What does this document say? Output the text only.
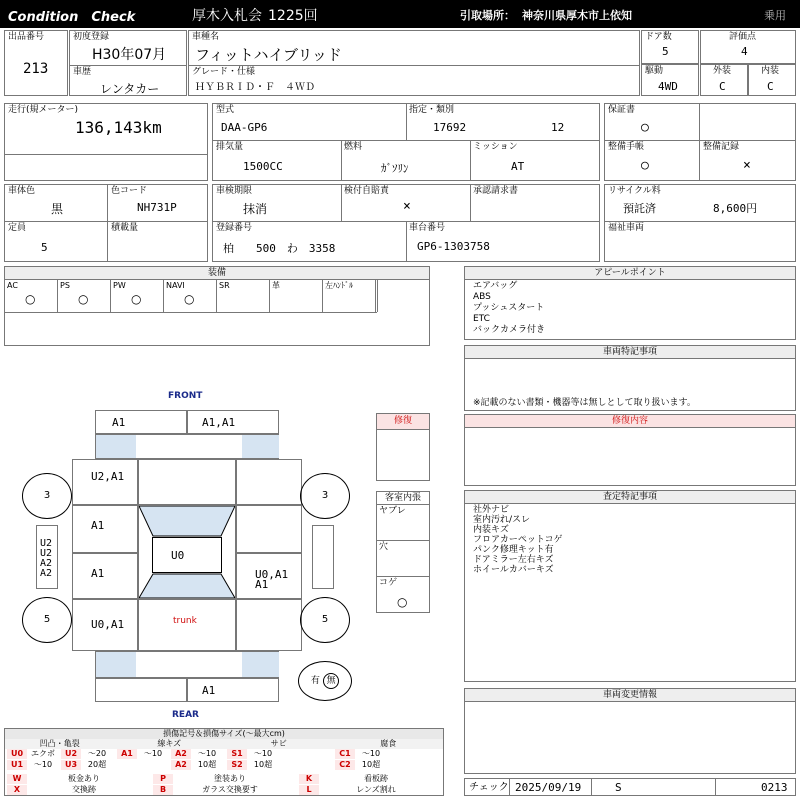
Condition　Check	厚木入札会 1225回	引取場所： 神奈川県厚木市上依知	乗用
出品番号
213
初度登録
H30年07月
車歴
レンタカー
車種名
フィットハイブリッド
グレード・仕様
ＨＹＢＲＩＤ・Ｆ　４ＷＤ
ドア数
5
評価点
4
駆動
4WD
外装
C
内装
C
走行(規メーター)
136,143km
型式
DAA-GP6
指定・類別
17692	12
排気量
1500CC
燃料
ｶﾞｿﾘﾝ
ミッション
AT
保証書
○
整備手帳
○
整備記録
×
車体色
黒
色コード
NH731P
定員
5
積載量
車検期限
抹消
検付自賠責
×
承認請求書
登録番号
柏　　500　わ　3358
車台番号
GP6-1303758
リサイクル料
預託済	8,600円
福祉車両
装備
AC
○
PS
○
PW
○
NAVI
○
SR	革	左ﾊﾝﾄﾞﾙ
アピールポイント
エアバッグ
ABS
プッシュスタート
ETC
バックカメラ付き
車両特記事項
※記載のない書類・機器等は無しとして取り扱います。
修復内容
査定特記事項
社外ナビ
室内汚れ/スレ
内装キズ
フロアカーペットコゲ
パンク修理キット有
ドアミラー左右キズ
ホイールカバーキズ
車両変更情報
チェック 2025/09/19	S	0213
FRONT
REAR
A1	A1,A1
U2,A1
A1
A1	U0,A1
A1
U0
U0,A1	trunk
A1
U2
U2
A2
A2
3	3
5	5
有 無
修復
客室内張
ヤブレ
穴
コゲ
○
損傷記号＆損傷サイズ(～最大cm)
凹凸・亀裂	線キズ	サビ	腐食
U0 エクボ	U2	～20	A1	～10	A2	～10	S1	～10	C1	～10
U1	～10	U3	20超	A2	10超	S2	10超	C2	10超
W	板金あり	P	塗装あり	K	看板跡
X	交換跡	B	ガラス交換要す	L	レンズ割れ
